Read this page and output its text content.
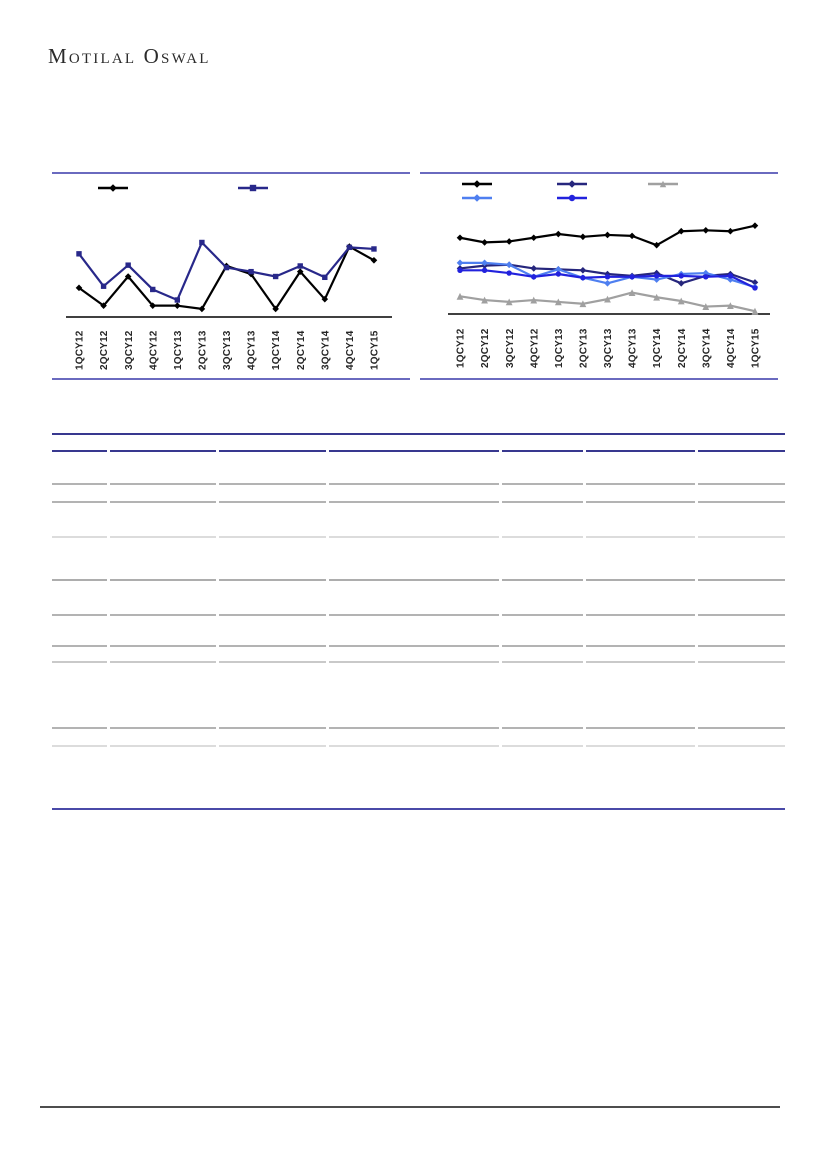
Motilal Oswal
1QCY12 2QCY12 3QCY12 4QCY12 1QCY13 2QCY13 3QCY13 4QCY13 1QCY14 2QCY14 3QCY14 4QCY14 1QCY15	1QCY12 2QCY12 3QCY12 4QCY12 1QCY13 2QCY13 3QCY13 4QCY13 1QCY14 2QCY14 3QCY14 4QCY14 1QCY15
